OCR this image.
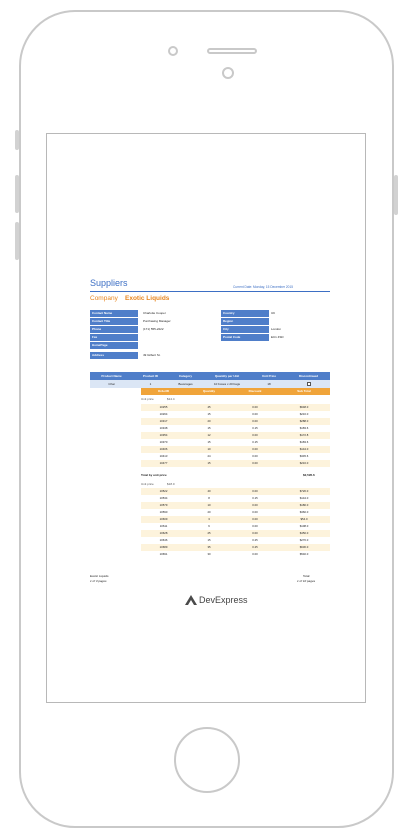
Suppliers	Current Date: Monday, 15 December 2015
Company Exotic Liquids
Contact Name	Charlotte Cooper
Contact Title	Purchasing Manager
Phone	(171) 555-2222
Fax
HomePage
Address	49 Gilbert St.
Country	UK
Region
City	London
Postal Code	EC1 4SD
Product Name	Product ID	Category	Quantity per Unit	Unit Price	Discontinued
Chai	1	Beverages	10 boxes x 20 bags	18
OrderID	Quantity	Discount	Sub Total
Unit price	$14.4
10255	45	0.00	$648.0
10264	15	0.00	$216.0
10317	20	0.00	$288.0
10348	15	0.15	$183.6
10354	12	0.00	$172.8
10370	15	0.15	$183.6
10406	10	0.00	$144.0
10413	24	0.00	$345.6
10477	15	0.00	$216.0
Total by unit price	$2,595.6
Unit price	$18.0
10522	40	0.00	$720.0
10534	8	0.15	$144.0
10579	10	0.00	$180.0
10590	20	0.00	$360.0
10609	3	0.00	$54.0
10611	6	0.00	$108.0
10628	25	0.00	$450.0
10646	15	0.25	$270.0
10689	35	0.25	$630.0
10691	30	0.00	$540.0
Exotic Liquids
1 of 3 pages
Total:
1 of 10 pages
DevExpress
